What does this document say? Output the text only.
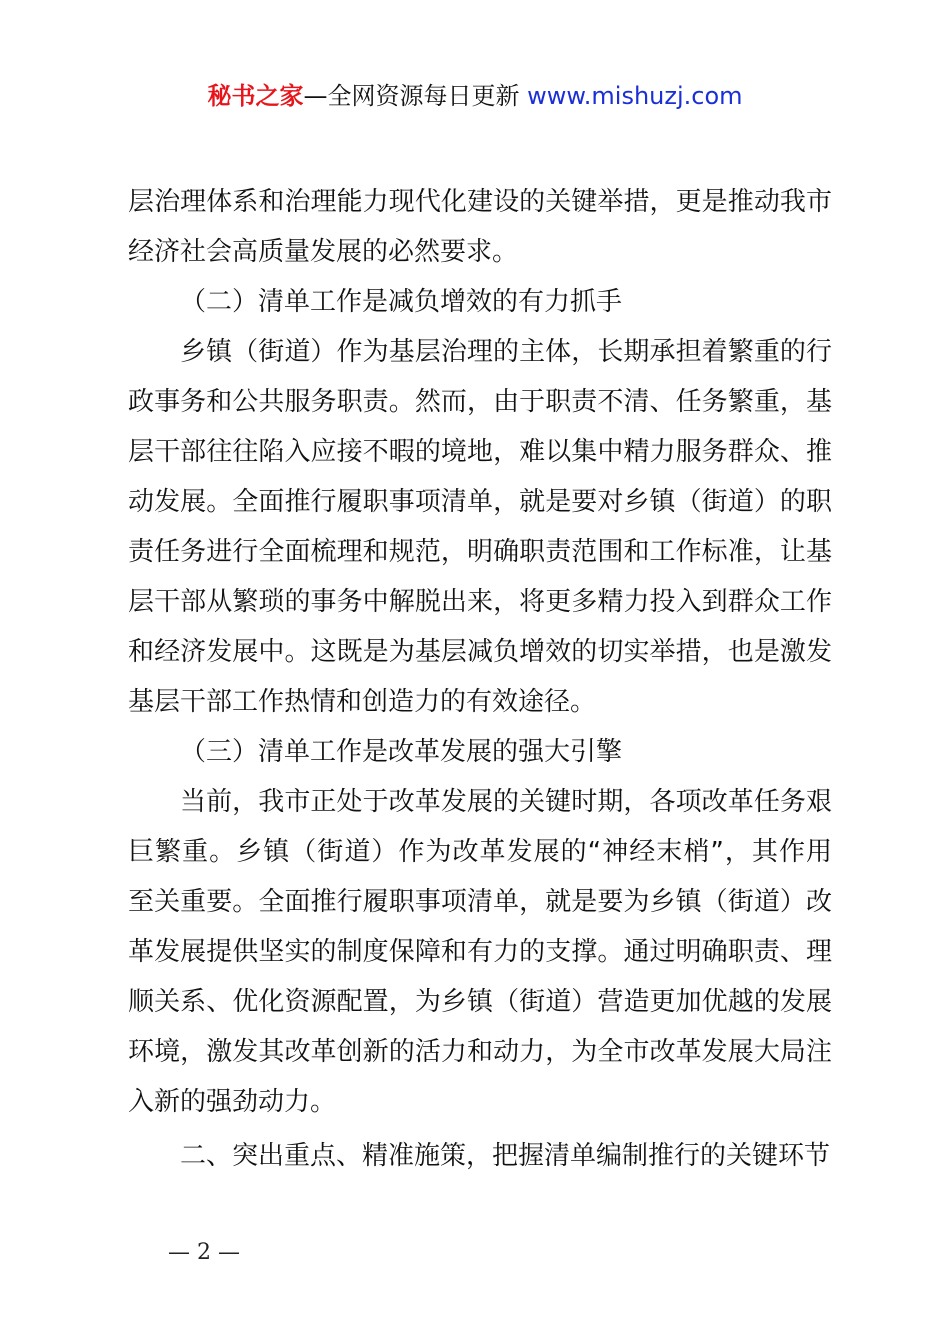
秘书之家—全网资源每日更新 www.mishuzj.com
层治理体系和治理能力现代化建设的关键举措，更是推动我市
经济社会高质量发展的必然要求。
（二）清单工作是减负增效的有力抓手
乡镇（街道）作为基层治理的主体，长期承担着繁重的行
政事务和公共服务职责。然而，由于职责不清、任务繁重，基
层干部往往陷入应接不暇的境地，难以集中精力服务群众、推
动发展。全面推行履职事项清单，就是要对乡镇（街道）的职
责任务进行全面梳理和规范，明确职责范围和工作标准，让基
层干部从繁琐的事务中解脱出来，将更多精力投入到群众工作
和经济发展中。这既是为基层减负增效的切实举措，也是激发
基层干部工作热情和创造力的有效途径。
（三）清单工作是改革发展的强大引擎
当前，我市正处于改革发展的关键时期，各项改革任务艰
巨繁重。乡镇（街道）作为改革发展的“神经末梢”，其作用
至关重要。全面推行履职事项清单，就是要为乡镇（街道）改
革发展提供坚实的制度保障和有力的支撑。通过明确职责、理
顺关系、优化资源配置，为乡镇（街道）营造更加优越的发展
环境，激发其改革创新的活力和动力，为全市改革发展大局注
入新的强劲动力。
二、突出重点、精准施策，把握清单编制推行的关键环节
— 2 —
